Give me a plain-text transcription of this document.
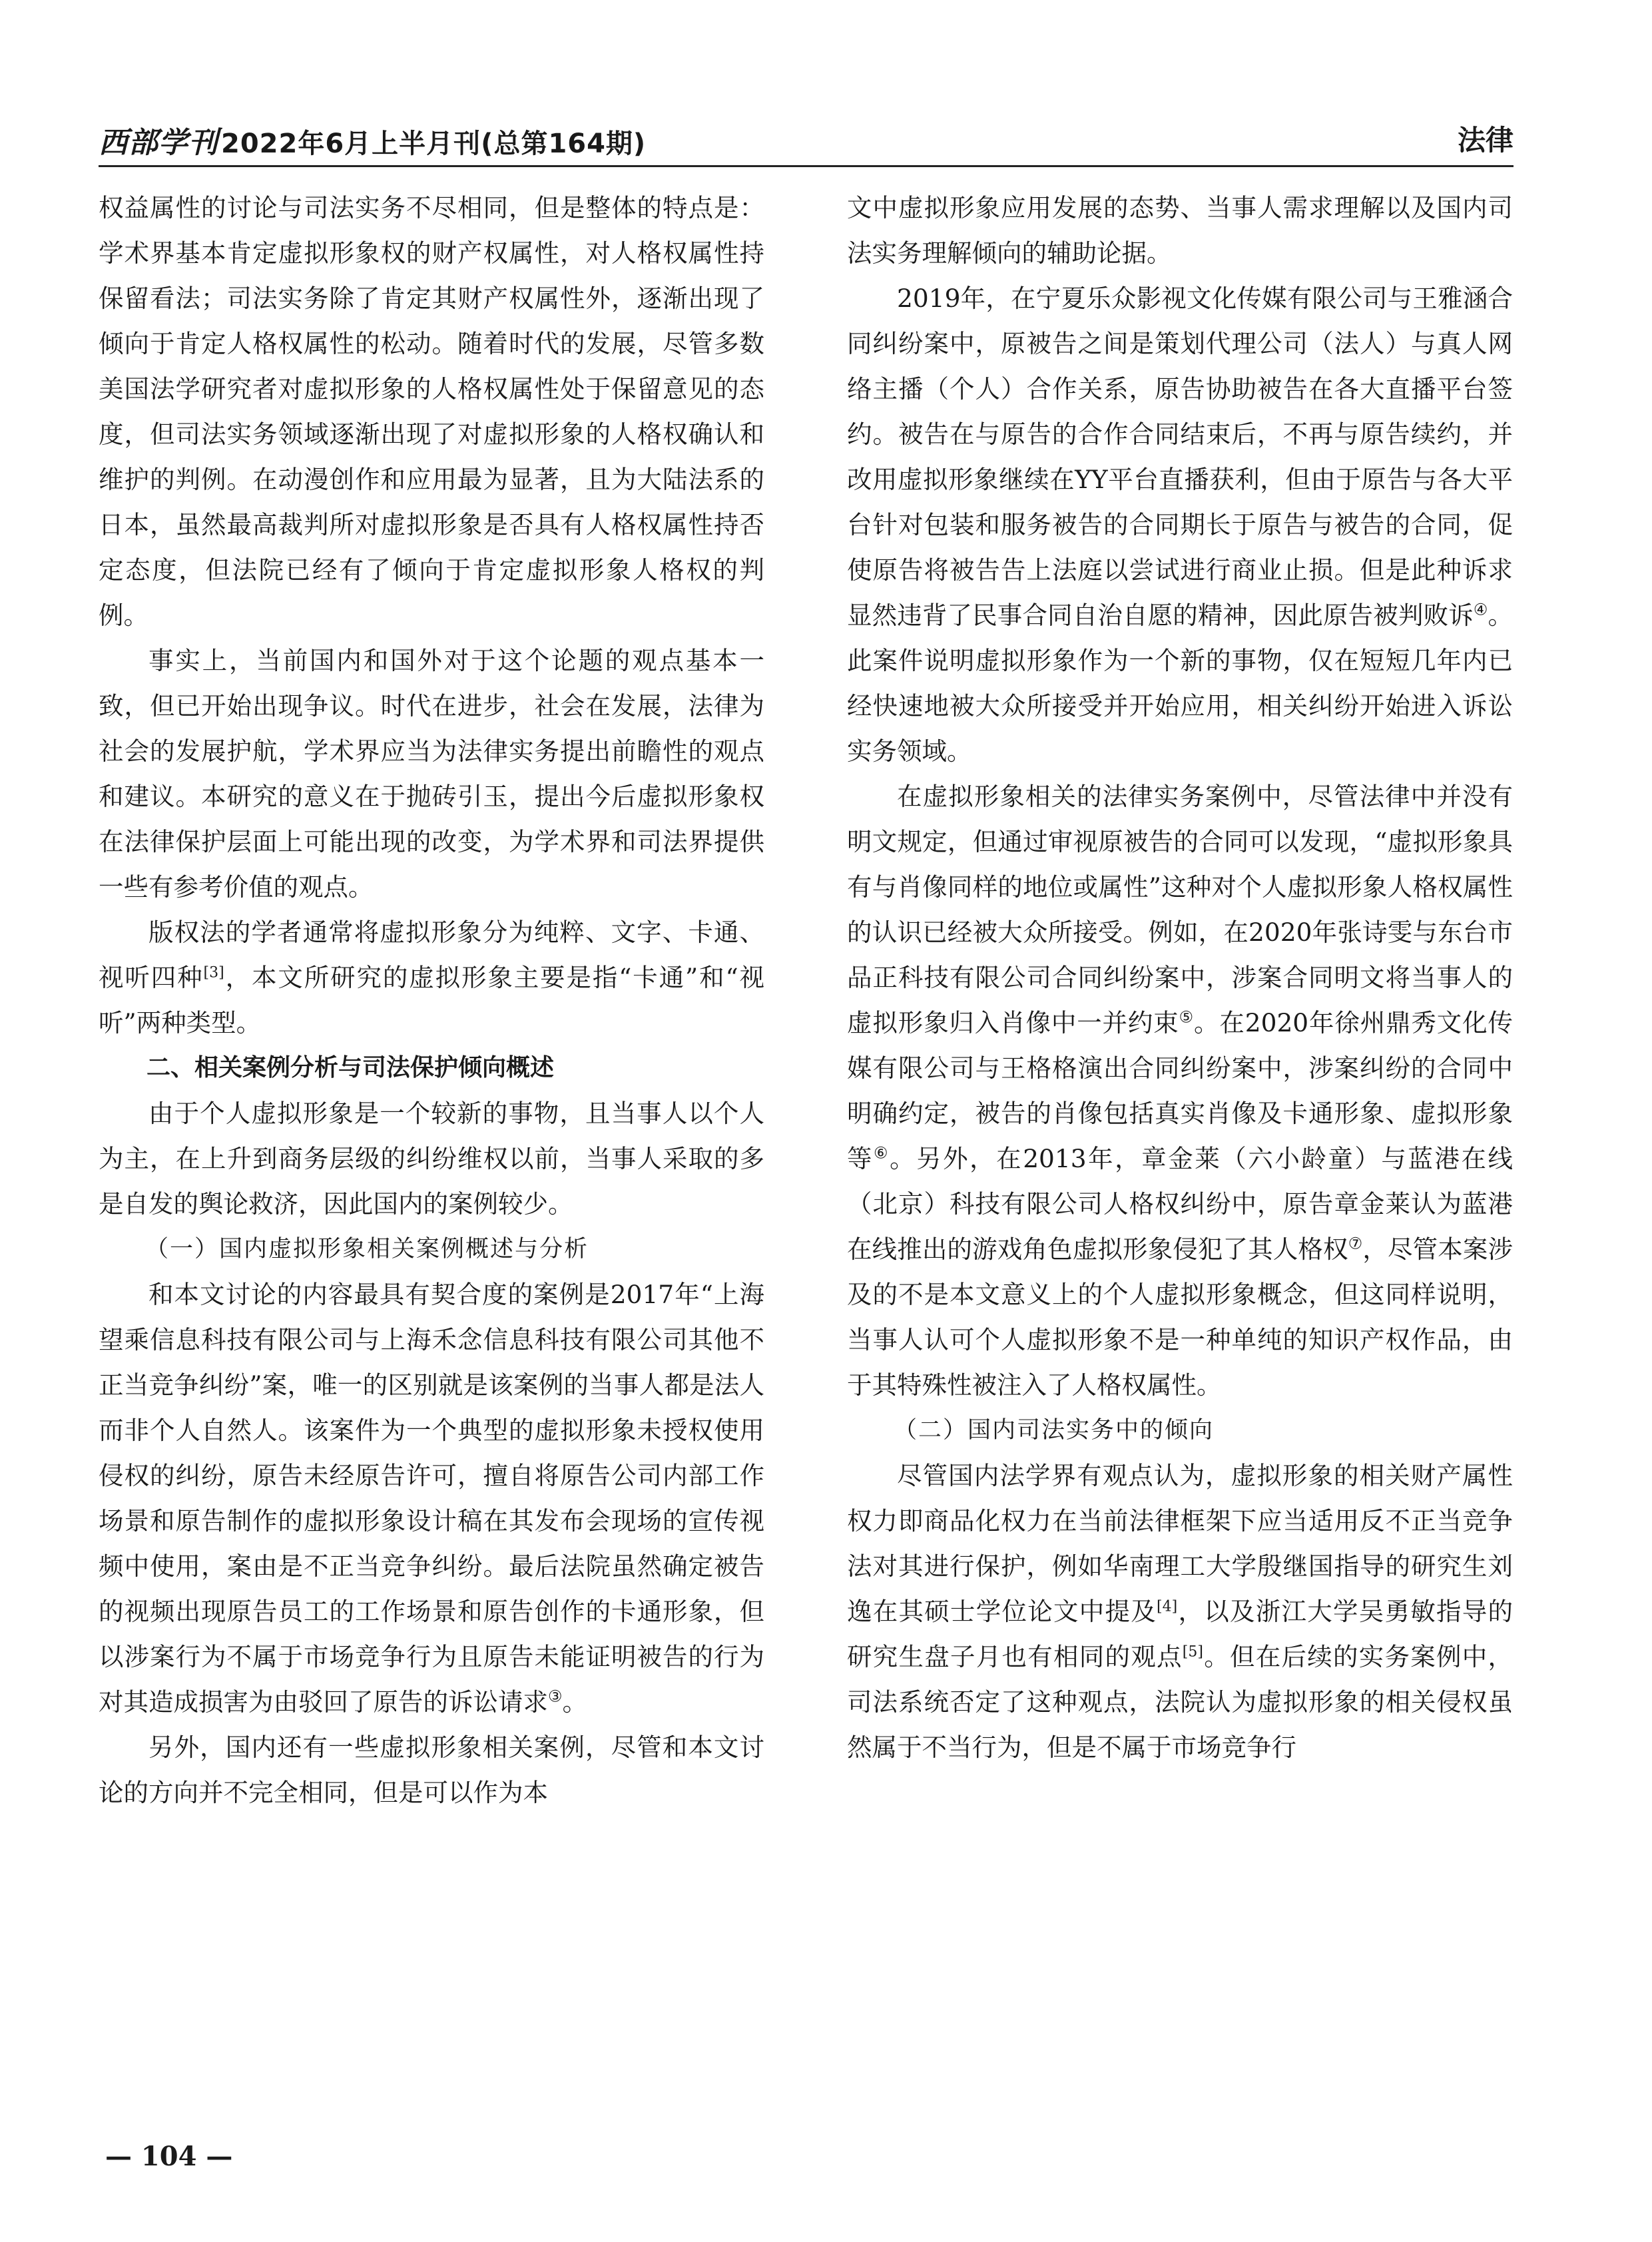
西部学刊 2022年6月上半月刊(总第164期)	法律

权益属性的讨论与司法实务不尽相同，但是整体的特点是：学术界基本肯定虚拟形象权的财产权属性，对人格权属性持保留看法；司法实务除了肯定其财产权属性外，逐渐出现了倾向于肯定人格权属性的松动。随着时代的发展，尽管多数美国法学研究者对虚拟形象的人格权属性处于保留意见的态度，但司法实务领域逐渐出现了对虚拟形象的人格权确认和维护的判例。在动漫创作和应用最为显著，且为大陆法系的日本，虽然最高裁判所对虚拟形象是否具有人格权属性持否定态度，但法院已经有了倾向于肯定虚拟形象人格权的判例。

事实上，当前国内和国外对于这个论题的观点基本一致，但已开始出现争议。时代在进步，社会在发展，法律为社会的发展护航，学术界应当为法律实务提出前瞻性的观点和建议。本研究的意义在于抛砖引玉，提出今后虚拟形象权在法律保护层面上可能出现的改变，为学术界和司法界提供一些有参考价值的观点。

版权法的学者通常将虚拟形象分为纯粹、文字、卡通、视听四种[3]，本文所研究的虚拟形象主要是指“卡通”和“视听”两种类型。

二、相关案例分析与司法保护倾向概述

由于个人虚拟形象是一个较新的事物，且当事人以个人为主，在上升到商务层级的纠纷维权以前，当事人采取的多是自发的舆论救济，因此国内的案例较少。

（一）国内虚拟形象相关案例概述与分析

和本文讨论的内容最具有契合度的案例是2017年“上海望乘信息科技有限公司与上海禾念信息科技有限公司其他不正当竞争纠纷”案，唯一的区别就是该案例的当事人都是法人而非个人自然人。该案件为一个典型的虚拟形象未授权使用侵权的纠纷，原告未经原告许可，擅自将原告公司内部工作场景和原告制作的虚拟形象设计稿在其发布会现场的宣传视频中使用，案由是不正当竞争纠纷。最后法院虽然确定被告的视频出现原告员工的工作场景和原告创作的卡通形象，但以涉案行为不属于市场竞争行为且原告未能证明被告的行为对其造成损害为由驳回了原告的诉讼请求③。

另外，国内还有一些虚拟形象相关案例，尽管和本文讨论的方向并不完全相同，但是可以作为本

文中虚拟形象应用发展的态势、当事人需求理解以及国内司法实务理解倾向的辅助论据。

2019年，在宁夏乐众影视文化传媒有限公司与王雅涵合同纠纷案中，原被告之间是策划代理公司（法人）与真人网络主播（个人）合作关系，原告协助被告在各大直播平台签约。被告在与原告的合作合同结束后，不再与原告续约，并改用虚拟形象继续在YY平台直播获利，但由于原告与各大平台针对包装和服务被告的合同期长于原告与被告的合同，促使原告将被告告上法庭以尝试进行商业止损。但是此种诉求显然违背了民事合同自治自愿的精神，因此原告被判败诉④。此案件说明虚拟形象作为一个新的事物，仅在短短几年内已经快速地被大众所接受并开始应用，相关纠纷开始进入诉讼实务领域。

在虚拟形象相关的法律实务案例中，尽管法律中并没有明文规定，但通过审视原被告的合同可以发现，“虚拟形象具有与肖像同样的地位或属性”这种对个人虚拟形象人格权属性的认识已经被大众所接受。例如，在2020年张诗雯与东台市品正科技有限公司合同纠纷案中，涉案合同明文将当事人的虚拟形象归入肖像中一并约束⑤。在2020年徐州鼎秀文化传媒有限公司与王格格演出合同纠纷案中，涉案纠纷的合同中明确约定，被告的肖像包括真实肖像及卡通形象、虚拟形象等⑥。另外，在2013年，章金莱（六小龄童）与蓝港在线（北京）科技有限公司人格权纠纷中，原告章金莱认为蓝港在线推出的游戏角色虚拟形象侵犯了其人格权⑦，尽管本案涉及的不是本文意义上的个人虚拟形象概念，但这同样说明，当事人认可个人虚拟形象不是一种单纯的知识产权作品，由于其特殊性被注入了人格权属性。

（二）国内司法实务中的倾向

尽管国内法学界有观点认为，虚拟形象的相关财产属性权力即商品化权力在当前法律框架下应当适用反不正当竞争法对其进行保护，例如华南理工大学殷继国指导的研究生刘逸在其硕士学位论文中提及[4]，以及浙江大学吴勇敏指导的研究生盘子月也有相同的观点[5]。但在后续的实务案例中，司法系统否定了这种观点，法院认为虚拟形象的相关侵权虽然属于不当行为，但是不属于市场竞争行

— 104 —
